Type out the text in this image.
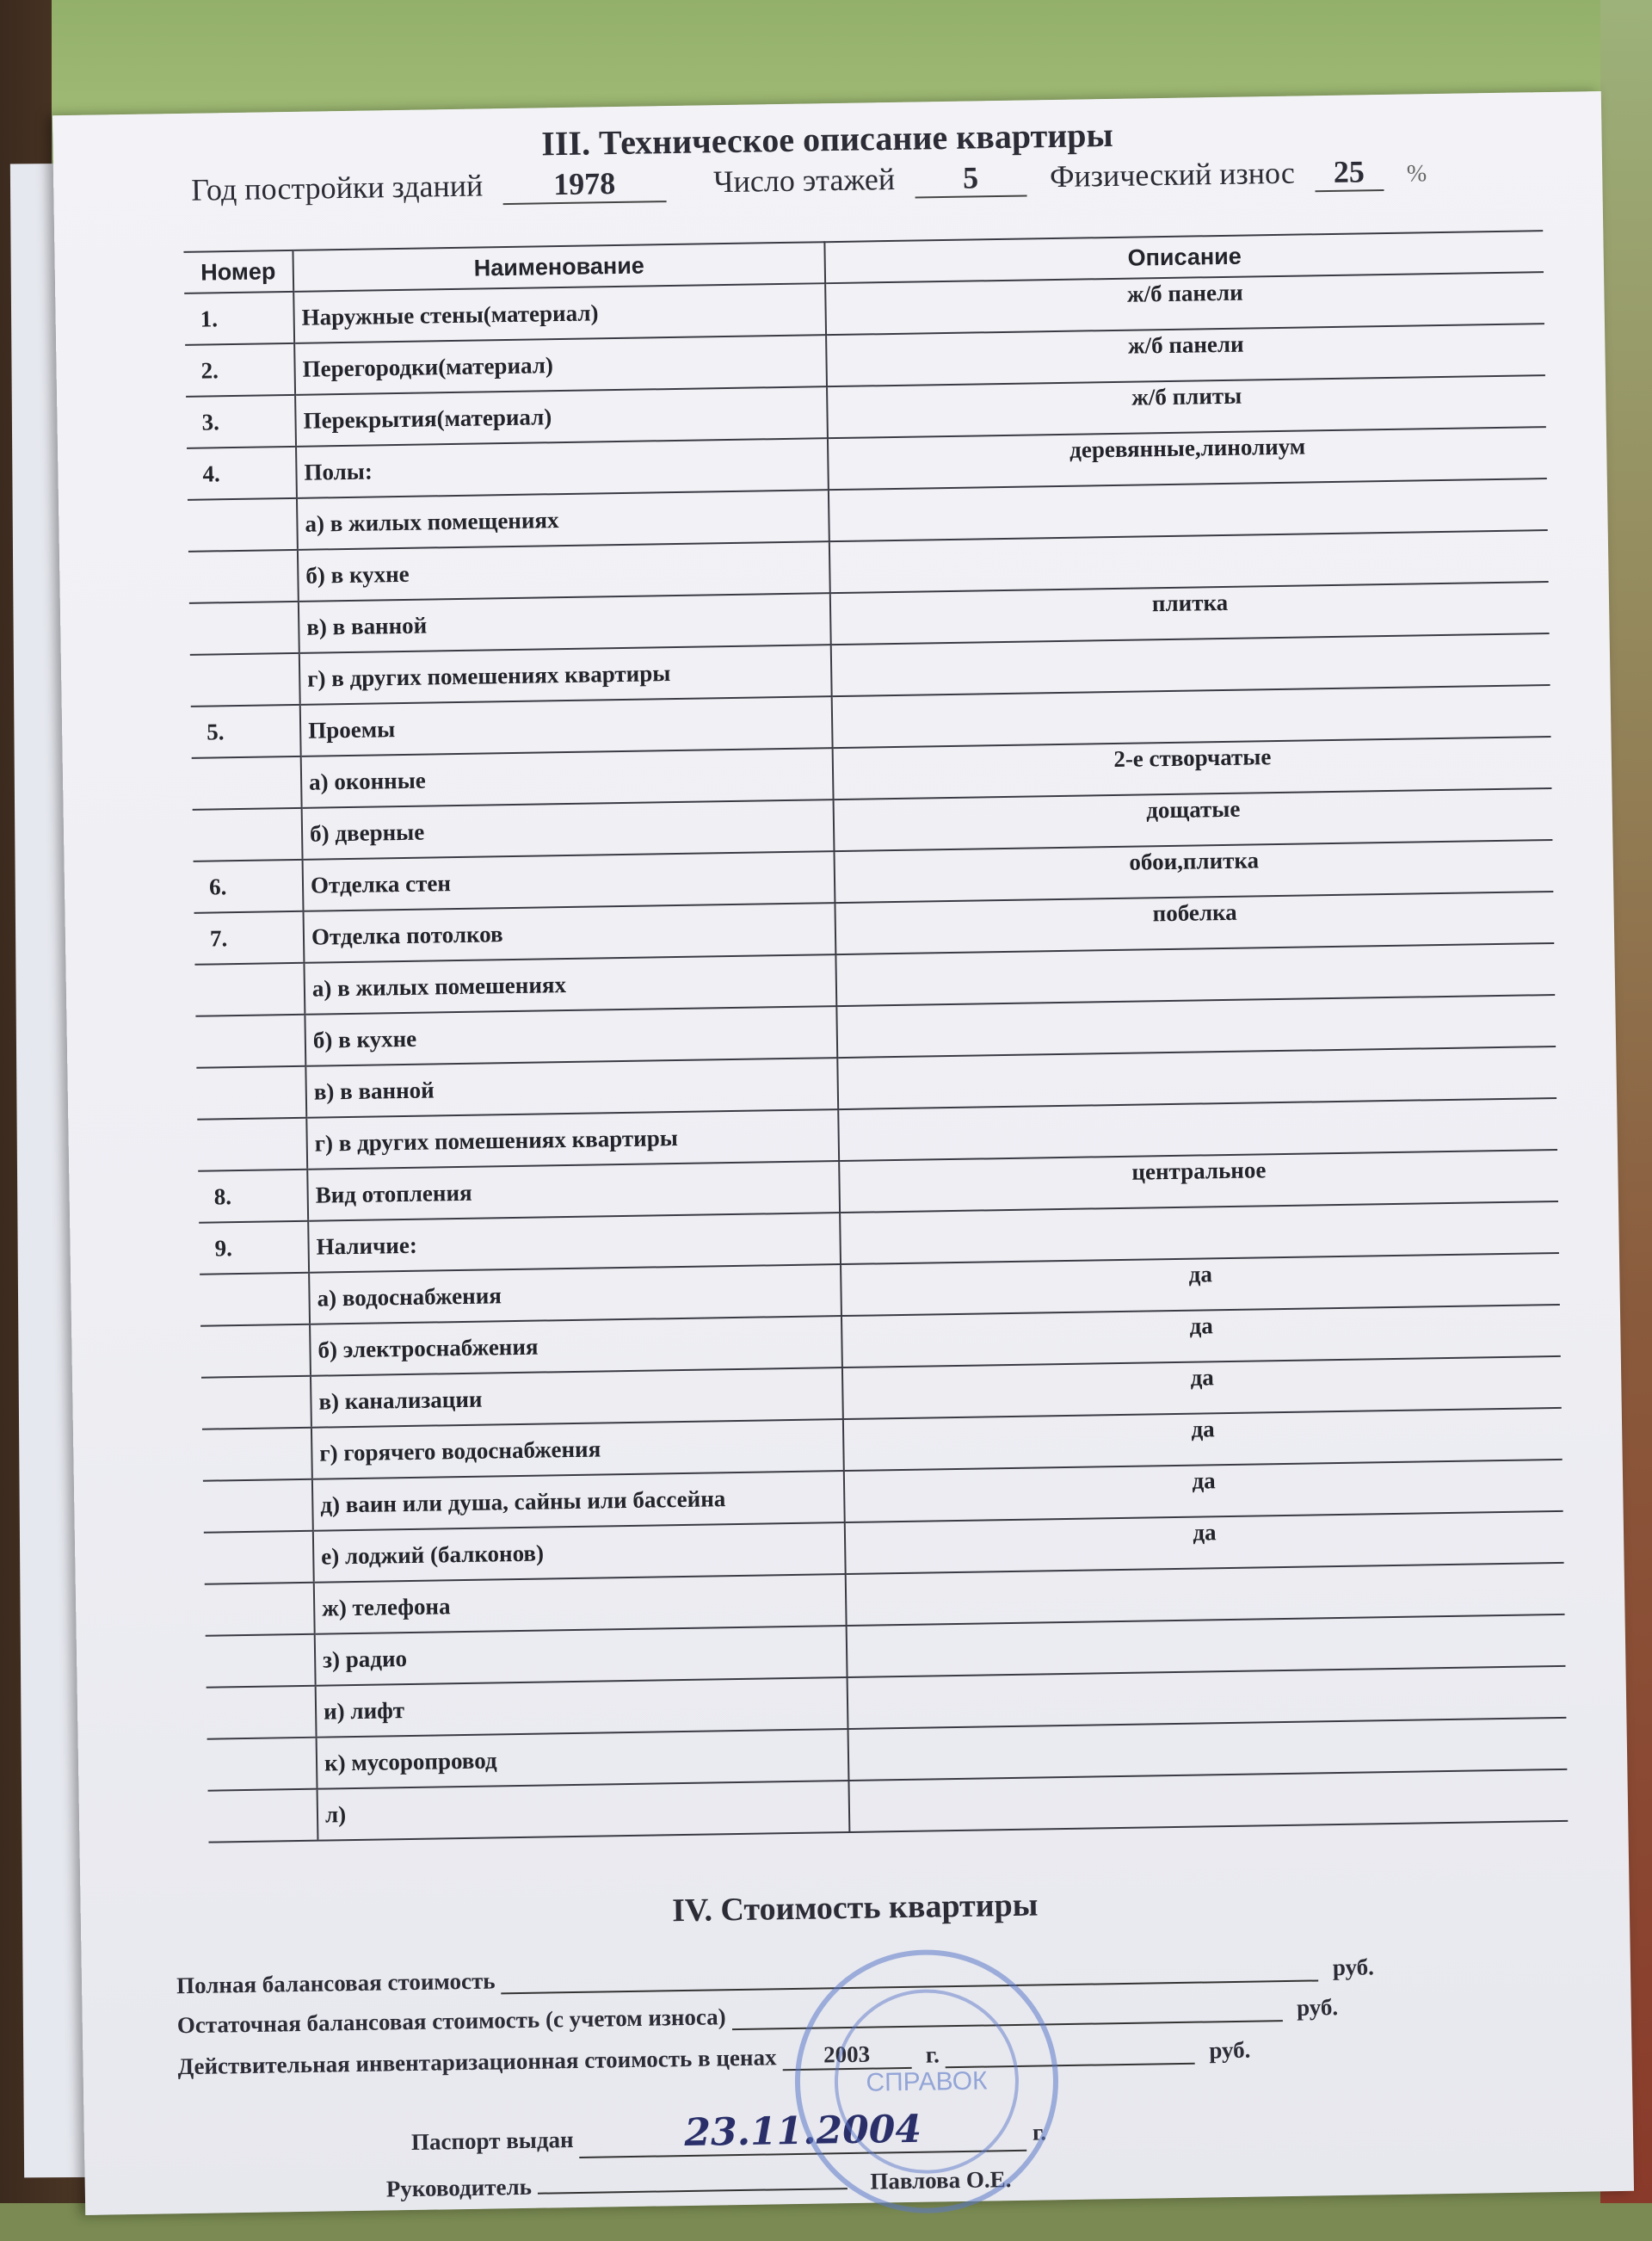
III. Техническое описание квартиры
Год постройки зданий 1978	Число этажей 5 Физический износ 25 %
Номер	Наименование	Описание
1.	Наружные стены(материал)	ж/б панели
2.	Перегородки(материал)	ж/б панели
3.	Перекрытия(материал)	ж/б плиты
4.	Полы:	деревянные,линолиум
	а) в жилых помещениях	
	б) в кухне	
	в) в ванной	плитка
	г) в других помешениях квартиры	
5.	Проемы	
	а) оконные	2-е створчатые
	б) дверные	дощатые
6.	Отделка стен	обои,плитка
7.	Отделка потолков	побелка
	а) в жилых помешениях	
	б) в кухне	
	в) в ванной	
	г) в других помешениях квартиры	
8.	Вид отопления	центральное
9.	Наличие:	
	а) водоснабжения	да
	б) электроснабжения	да
	в) канализации	да
	г) горячего водоснабжения	да
	д) ваин или душа, сайны или бассейна	да
	е) лоджий (балконов)	да
	ж) телефона	
	з) радио	
	и) лифт	
	к) мусоропровод	
	л)	
IV. Стоимость квартиры
Полная балансовая стоимость  руб.
Остаточная балансовая стоимость (с учетом износа)	руб.
Действительная инвентаризационная стоимость в ценах 2003 г.	руб.
Паспорт выдан	23.11.2004	г.
Руководитель	Павлова О.Е.
СПРАВОК
